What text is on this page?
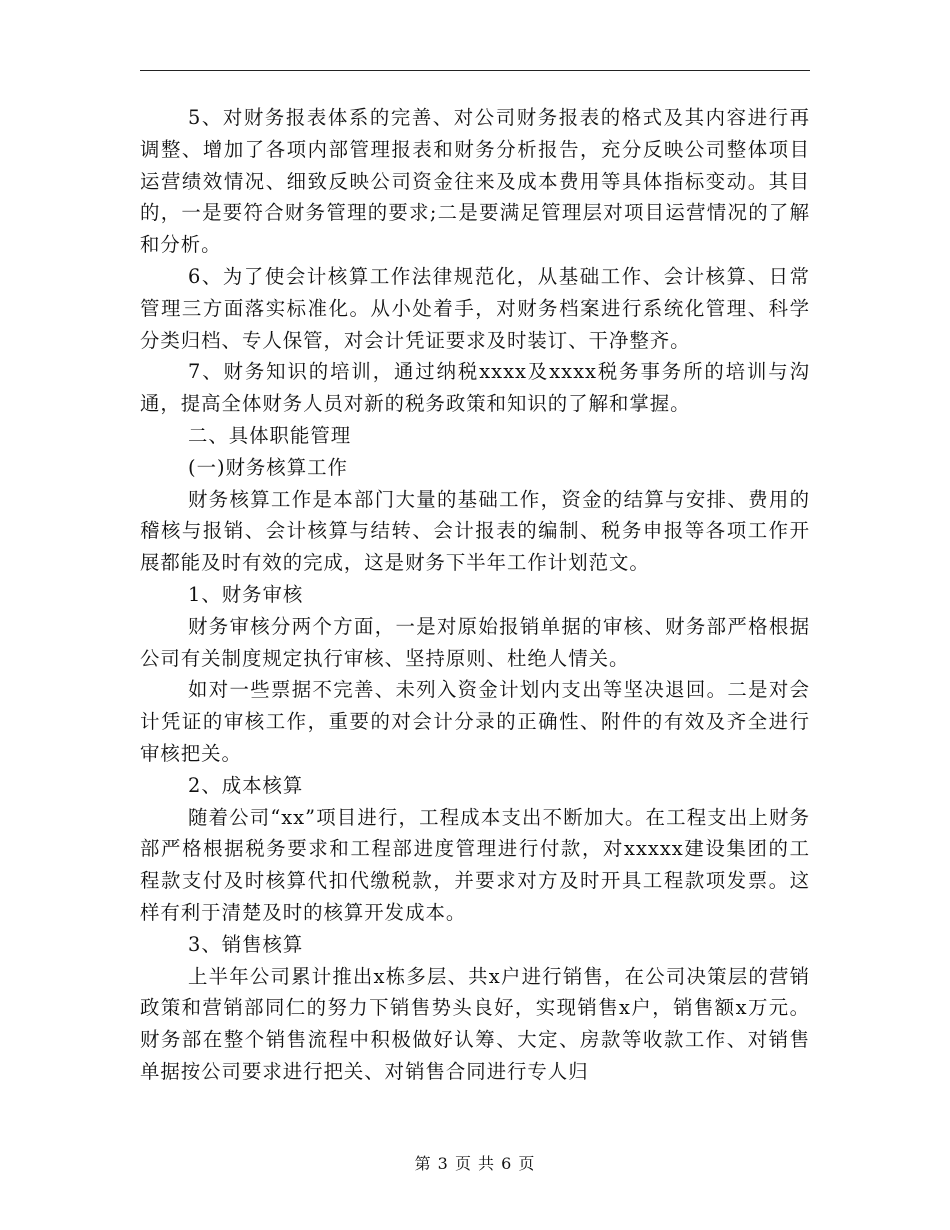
5、对财务报表体系的完善、对公司财务报表的格式及其内容进行再调整、增加了各项内部管理报表和财务分析报告，充分反映公司整体项目运营绩效情况、细致反映公司资金往来及成本费用等具体指标变动。其目的，一是要符合财务管理的要求;二是要满足管理层对项目运营情况的了解和分析。

6、为了使会计核算工作法律规范化，从基础工作、会计核算、日常管理三方面落实标准化。从小处着手，对财务档案进行系统化管理、科学分类归档、专人保管，对会计凭证要求及时装订、干净整齐。

7、财务知识的培训，通过纳税xxxx及xxxx税务事务所的培训与沟通，提高全体财务人员对新的税务政策和知识的了解和掌握。

二、具体职能管理

(一)财务核算工作

财务核算工作是本部门大量的基础工作，资金的结算与安排、费用的稽核与报销、会计核算与结转、会计报表的编制、税务申报等各项工作开展都能及时有效的完成，这是财务下半年工作计划范文。

1、财务审核

财务审核分两个方面，一是对原始报销单据的审核、财务部严格根据公司有关制度规定执行审核、坚持原则、杜绝人情关。

如对一些票据不完善、未列入资金计划内支出等坚决退回。二是对会计凭证的审核工作，重要的对会计分录的正确性、附件的有效及齐全进行审核把关。

2、成本核算

随着公司“xx”项目进行，工程成本支出不断加大。在工程支出上财务部严格根据税务要求和工程部进度管理进行付款，对xxxxx建设集团的工程款支付及时核算代扣代缴税款，并要求对方及时开具工程款项发票。这样有利于清楚及时的核算开发成本。

3、销售核算

上半年公司累计推出x栋多层、共x户进行销售，在公司决策层的营销政策和营销部同仁的努力下销售势头良好，实现销售x户，销售额x万元。财务部在整个销售流程中积极做好认筹、大定、房款等收款工作、对销售单据按公司要求进行把关、对销售合同进行专人归

第 3 页 共 6 页
